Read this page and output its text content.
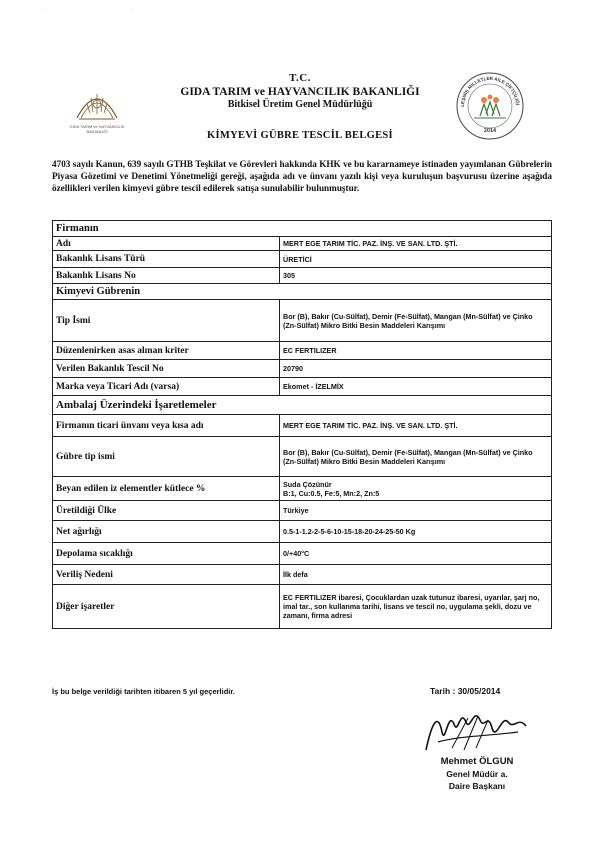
GIDA TARIM ve HAYVANCILIK BAKANLIĞI
T.C.
GIDA TARIM ve HAYVANCILIK BAKANLIĞI
Bitkisel Üretim Genel Müdürlüğü	LEŞMİŞ MİLLETLER AİLE ÇİFTÇİLİĞİ
2014
KİMYEVİ GÜBRE TESCİL BELGESİ
4703 sayılı Kanun, 639 sayılı GTHB Teşkilat ve Görevleri hakkında KHK ve bu kararnameye istinaden yayımlanan Gübrelerin Piyasa Gözetimi ve Denetimi Yönetmeliği gereği, aşağıda adı ve ünvanı yazılı kişi veya kuruluşun başvurusu üzerine aşağıda özellikleri verilen kimyevi gübre tescil edilerek satışa sunulabilir bulunmuştur.
Firmanın	
Adı	MERT EGE TARIM TİC. PAZ. İNŞ. VE SAN. LTD. ŞTİ.
Bakanlık Lisans Türü	ÜRETİCİ
Bakanlık Lisans No	305
Kimyevi Gübrenin	
Tip İsmi	Bor (B), Bakır (Cu-Sülfat), Demir (Fe-Sülfat), Mangan (Mn-Sülfat) ve Çinko (Zn-Sülfat) Mikro Bitki Besin Maddeleri Karışımı
Düzenlenirken asas alınan kriter	EC FERTILIZER
Verilen Bakanlık Tescil No	20790
Marka veya Ticari Adı (varsa)	Ekomet - İZELMİX
Ambalaj Üzerindeki İşaretlemeler	
Firmanın ticari ünvanı veya kısa adı	MERT EGE TARIM TİC. PAZ. İNŞ. VE SAN. LTD. ŞTİ.
Gübre tip ismi	Bor (B), Bakır (Cu-Sülfat), Demir (Fe-Sülfat), Mangan (Mn-Sülfat) ve Çinko (Zn-Sülfat) Mikro Bitki Besin Maddeleri Karışımı
Beyan edilen iz elementler kütlece %	Suda Çözünür
B:1, Cu:0.5, Fe:5, Mn:2, Zn:5
Üretildiği Ülke	Türkiye
Net ağırlığı	0.5-1-1.2-2-5-6-10-15-18-20-24-25-50 Kg
Depolama sıcaklığı	0/+40°C
Veriliş Nedeni	İlk defa
Diğer işaretler	EC FERTILIZER ibaresi, Çocuklardan uzak tutunuz ibaresi, uyarılar, şarj no, imal tar., son kullanma tarihi, lisans ve tescil no, uygulama şekli, dozu ve zamanı, firma adresi
İş bu belge verildiği tarihten itibaren 5 yıl geçerlidir.	Tarih : 30/05/2014
Mehmet ÖLGUN
Genel Müdür a.
Daire Başkanı
.	.
